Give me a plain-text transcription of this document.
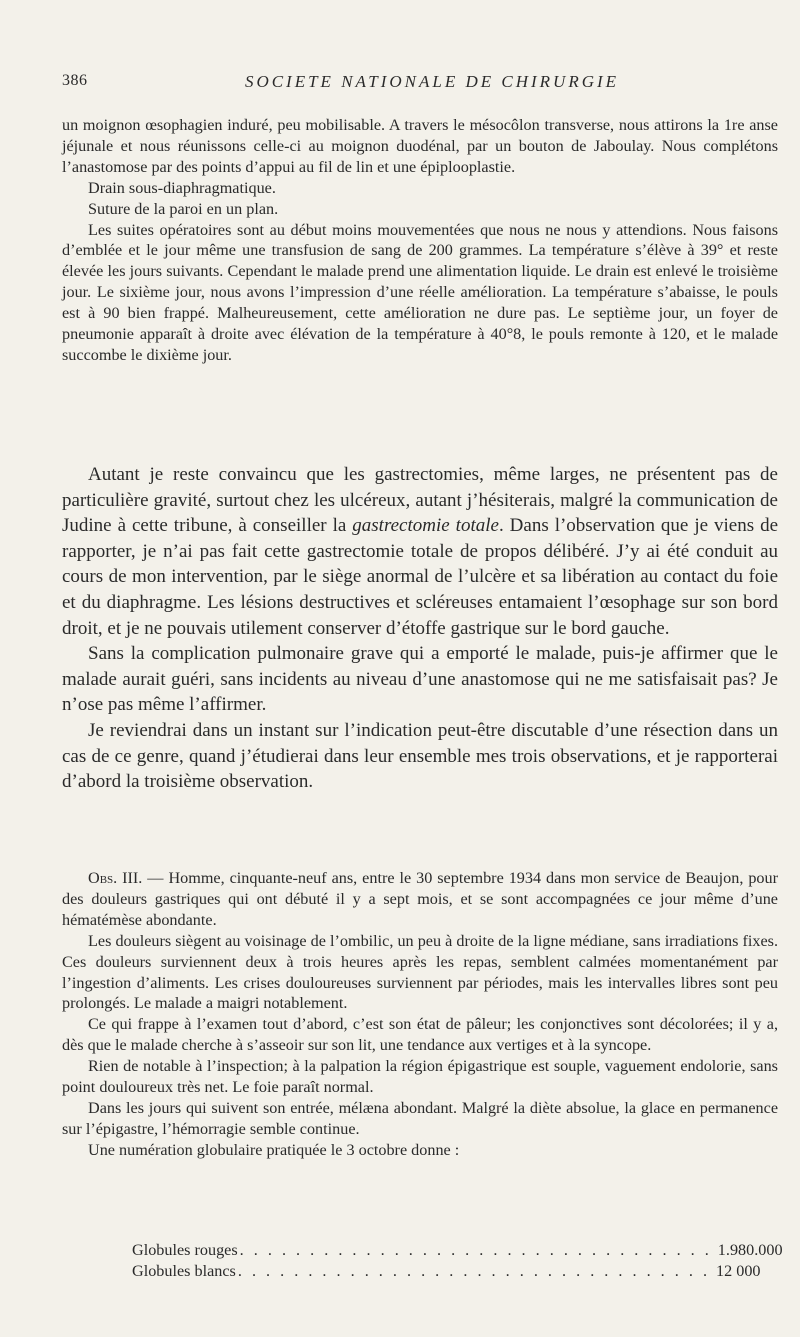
386	SOCIETE NATIONALE DE CHIRURGIE

un moignon œsophagien induré, peu mobilisable. A travers le mésocôlon transverse, nous attirons la 1re anse jéjunale et nous réunissons celle-ci au moignon duodénal, par un bouton de Jaboulay. Nous complétons l’anastomose par des points d’appui au fil de lin et une épiplooplastie.

Drain sous-diaphragmatique.

Suture de la paroi en un plan.

Les suites opératoires sont au début moins mouvementées que nous ne nous y attendions. Nous faisons d’emblée et le jour même une transfusion de sang de 200 grammes. La température s’élève à 39° et reste élevée les jours suivants. Cependant le malade prend une alimentation liquide. Le drain est enlevé le troisième jour. Le sixième jour, nous avons l’impression d’une réelle amélioration. La température s’abaisse, le pouls est à 90 bien frappé. Malheureusement, cette amélioration ne dure pas. Le septième jour, un foyer de pneumonie apparaît à droite avec élévation de la température à 40°8, le pouls remonte à 120, et le malade succombe le dixième jour.

Autant je reste convaincu que les gastrectomies, même larges, ne présentent pas de particulière gravité, surtout chez les ulcéreux, autant j’hésiterais, malgré la communication de Judine à cette tribune, à conseiller la gastrectomie totale. Dans l’observation que je viens de rapporter, je n’ai pas fait cette gastrectomie totale de propos délibéré. J’y ai été conduit au cours de mon intervention, par le siège anormal de l’ulcère et sa libération au contact du foie et du diaphragme. Les lésions destructives et scléreuses entamaient l’œsophage sur son bord droit, et je ne pouvais utilement conserver d’étoffe gastrique sur le bord gauche.

Sans la complication pulmonaire grave qui a emporté le malade, puis-je affirmer que le malade aurait guéri, sans incidents au niveau d’une anastomose qui ne me satisfaisait pas? Je n’ose pas même l’affirmer.

Je reviendrai dans un instant sur l’indication peut-être discutable d’une résection dans un cas de ce genre, quand j’étudierai dans leur ensemble mes trois observations, et je rapporterai d’abord la troisième observation.

Obs. III. — Homme, cinquante-neuf ans, entre le 30 septembre 1934 dans mon service de Beaujon, pour des douleurs gastriques qui ont débuté il y a sept mois, et se sont accompagnées ce jour même d’une hématémèse abondante.

Les douleurs siègent au voisinage de l’ombilic, un peu à droite de la ligne médiane, sans irradiations fixes. Ces douleurs surviennent deux à trois heures après les repas, semblent calmées momentanément par l’ingestion d’aliments. Les crises douloureuses surviennent par périodes, mais les intervalles libres sont peu prolongés. Le malade a maigri notablement.

Ce qui frappe à l’examen tout d’abord, c’est son état de pâleur; les conjonctives sont décolorées; il y a, dès que le malade cherche à s’asseoir sur son lit, une tendance aux vertiges et à la syncope.

Rien de notable à l’inspection; à la palpation la région épigastrique est souple, vaguement endolorie, sans point douloureux très net. Le foie paraît normal.

Dans les jours qui suivent son entrée, mélæna abondant. Malgré la diète absolue, la glace en permanence sur l’épigastre, l’hémorragie semble continue.

Une numération globulaire pratiquée le 3 octobre donne :

Globules rouges . . . . . . . . . . . . . . . . . . . . . . . . . . . . . . . . . . 1.980.000
Globules blancs . . . . . . . . . . . . . . . . . . . . . . . . . . . . . . . . . . 12 000
